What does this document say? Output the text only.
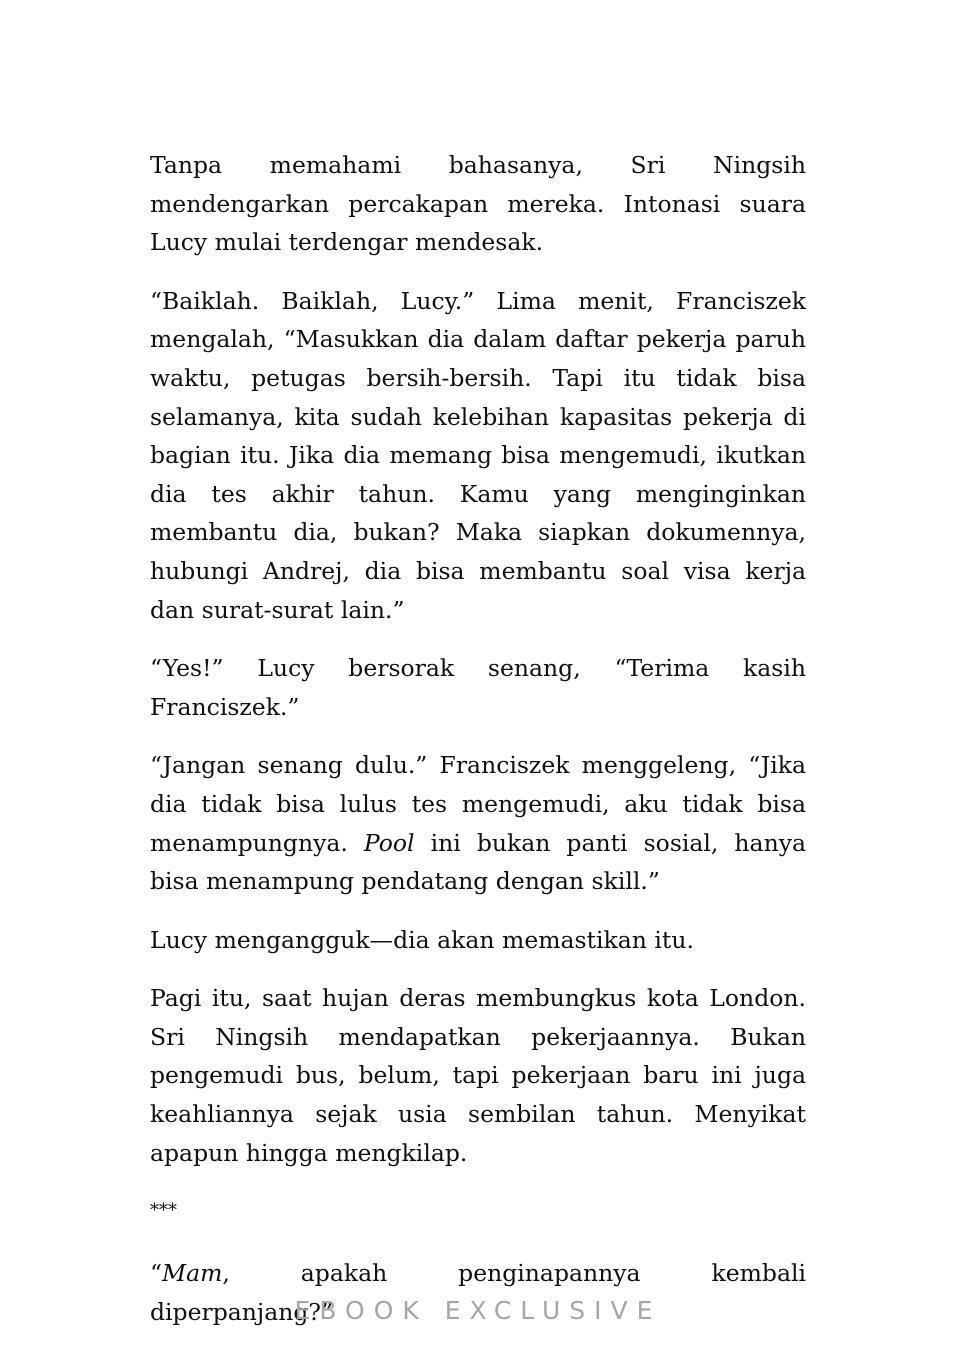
Tanpa memahami bahasanya, Sri Ningsih mendengarkan percakapan mereka. Intonasi suara Lucy mulai terdengar mendesak.

“Baiklah. Baiklah, Lucy.” Lima menit, Franciszek mengalah, “Masukkan dia dalam daftar pekerja paruh waktu, petugas bersih-bersih. Tapi itu tidak bisa selamanya, kita sudah kelebihan kapasitas pekerja di bagian itu. Jika dia memang bisa mengemudi, ikutkan dia tes akhir tahun. Kamu yang menginginkan membantu dia, bukan? Maka siapkan dokumennya, hubungi Andrej, dia bisa membantu soal visa kerja dan surat-surat lain.”

“Yes!” Lucy bersorak senang, “Terima kasih Franciszek.”

“Jangan senang dulu.” Franciszek menggeleng, “Jika dia tidak bisa lulus tes mengemudi, aku tidak bisa menampungnya. Pool ini bukan panti sosial, hanya bisa menampung pendatang dengan skill.”

Lucy mengangguk—dia akan memastikan itu.

Pagi itu, saat hujan deras membungkus kota London. Sri Ningsih mendapatkan pekerjaannya. Bukan pengemudi bus, belum, tapi pekerjaan baru ini juga keahliannya sejak usia sembilan tahun. Menyikat apapun hingga mengkilap.

***

“Mam, apakah penginapannya kembali diperpanjang?”

EBOOK EXCLUSIVE
